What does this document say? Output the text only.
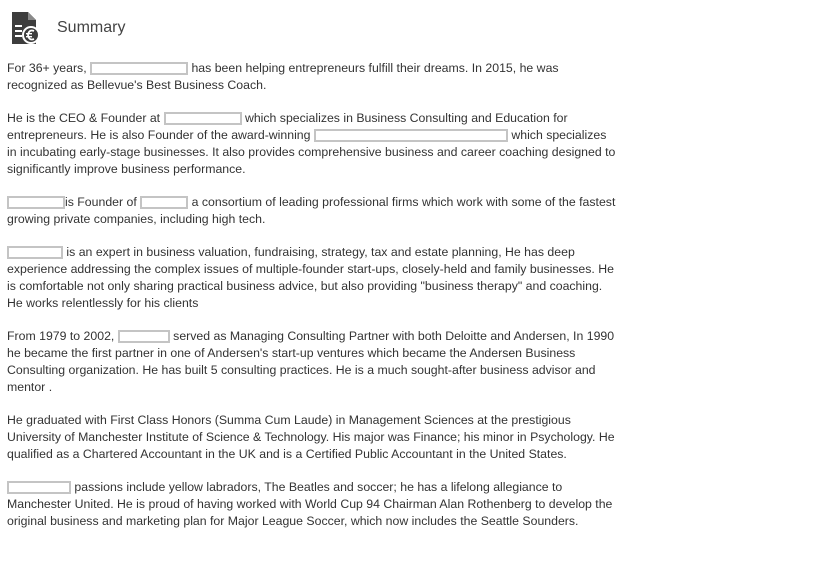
Summary

For 36+ years,	has been helping entrepreneurs fulfill their dreams. In 2015, he was recognized as Bellevue's Best Business Coach.

He is the CEO & Founder at	which specializes in Business Consulting and Education for entrepreneurs. He is also Founder of the award-winning	which specializes in incubating early-stage businesses. It also provides comprehensive business and career coaching designed to significantly improve business performance.

is Founder of	a consortium of leading professional firms which work with some of the fastest growing private companies, including high tech.

is an expert in business valuation, fundraising, strategy, tax and estate planning, He has deep experience addressing the complex issues of multiple-founder start-ups, closely-held and family businesses. He is comfortable not only sharing practical business advice, but also providing "business therapy" and coaching. He works relentlessly for his clients

From 1979 to 2002,	served as Managing Consulting Partner with both Deloitte and Andersen, In 1990 he became the first partner in one of Andersen's start-up ventures which became the Andersen Business Consulting organization. He has built 5 consulting practices. He is a much sought-after business advisor and mentor .

He graduated with First Class Honors (Summa Cum Laude) in Management Sciences at the prestigious University of Manchester Institute of Science & Technology. His major was Finance; his minor in Psychology. He qualified as a Chartered Accountant in the UK and is a Certified Public Accountant in the United States.

passions include yellow labradors, The Beatles and soccer; he has a lifelong allegiance to Manchester United. He is proud of having worked with World Cup 94 Chairman Alan Rothenberg to develop the original business and marketing plan for Major League Soccer, which now includes the Seattle Sounders.
